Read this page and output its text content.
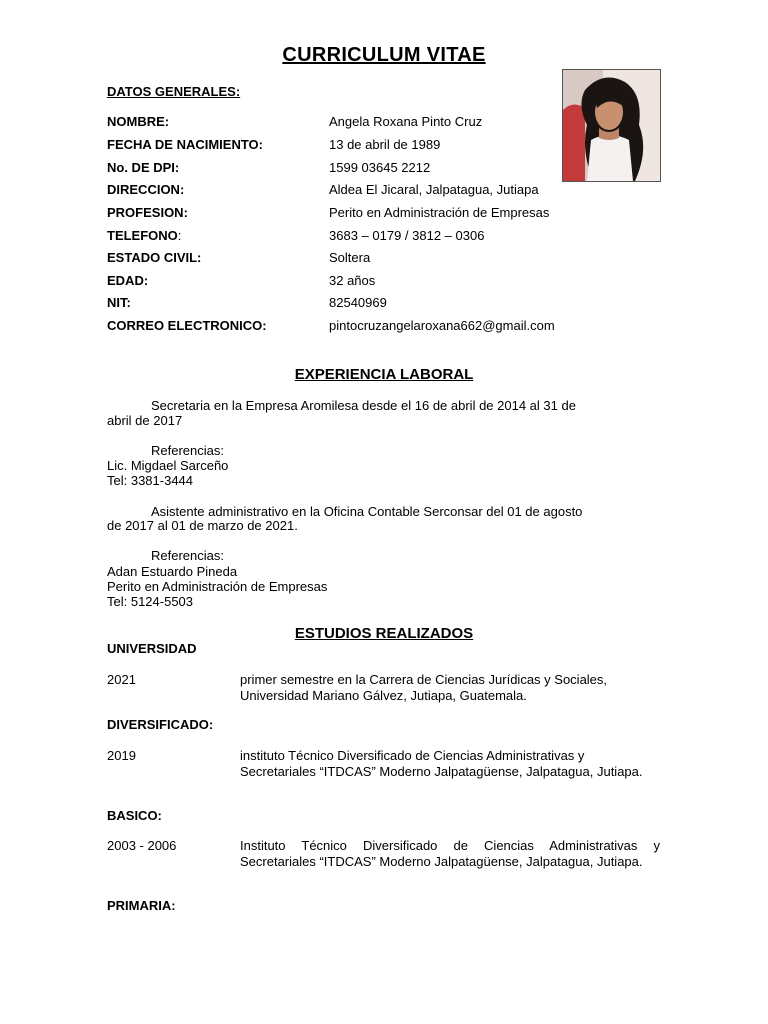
CURRICULUM VITAE
DATOS GENERALES:
NOMBRE:	Angela Roxana Pinto Cruz
FECHA DE NACIMIENTO:	13 de abril de 1989
No. DE DPI:	1599 03645 2212
DIRECCION:	Aldea El Jicaral, Jalpatagua, Jutiapa
PROFESION:	Perito en Administración de Empresas
TELEFONO:	3683 – 0179 / 3812 – 0306
ESTADO CIVIL:	Soltera
EDAD:	32 años
NIT:	82540969
CORREO ELECTRONICO:	pintocruzangelaroxana662@gmail.com
EXPERIENCIA LABORAL
Secretaria en la Empresa Aromilesa desde el 16 de abril de 2014 al 31 de
abril de 2017
Referencias:
Lic. Migdael Sarceño
Tel: 3381-3444
Asistente administrativo en la Oficina Contable Serconsar del 01 de agosto
de 2017 al 01 de marzo de 2021.
Referencias:
Adan Estuardo Pineda
Perito en Administración de Empresas
Tel: 5124-5503
ESTUDIOS REALIZADOS
UNIVERSIDAD
2021	primer semestre en la Carrera de Ciencias Jurídicas y Sociales, Universidad Mariano Gálvez, Jutiapa, Guatemala.
DIVERSIFICADO:
2019	instituto Técnico Diversificado de Ciencias Administrativas y Secretariales “ITDCAS” Moderno Jalpatagüense, Jalpatagua, Jutiapa.
BASICO:
2003 - 2006	Instituto Técnico Diversificado de Ciencias Administrativas y Secretariales “ITDCAS” Moderno Jalpatagüense, Jalpatagua, Jutiapa.
PRIMARIA:
